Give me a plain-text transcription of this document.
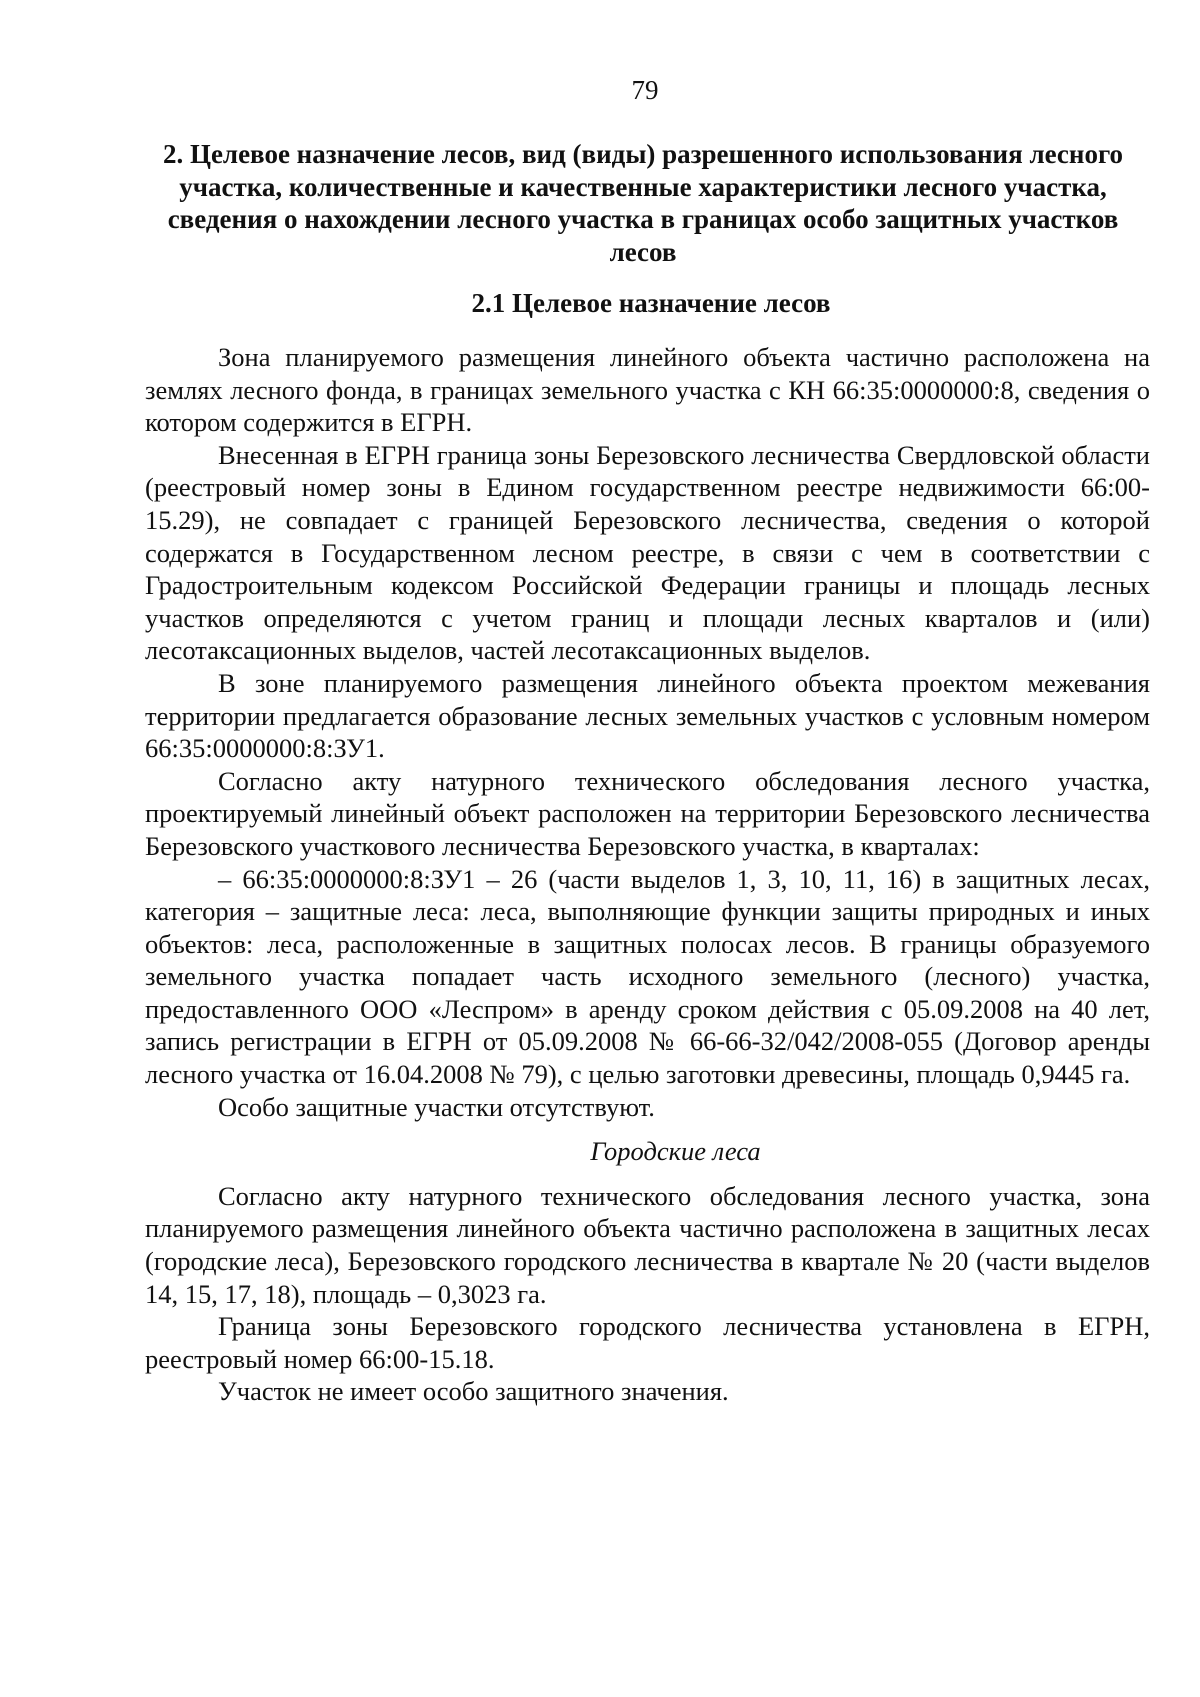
79
2. Целевое назначение лесов, вид (виды) разрешенного использования лесного участка, количественные и качественные характеристики лесного участка, сведения о нахождении лесного участка в границах особо защитных участков лесов
2.1 Целевое назначение лесов

Зона планируемого размещения линейного объекта частично расположена на землях лесного фонда, в границах земельного участка с КН 66:35:0000000:8, сведения о котором содержится в ЕГРН.

Внесенная в ЕГРН граница зоны Березовского лесничества Свердловской области (реестровый номер зоны в Едином государственном реестре недвижимости 66:00-15.29), не совпадает с границей Березовского лесничества, сведения о которой содержатся в Государственном лесном реестре, в связи с чем в соответствии с Градостроительным кодексом Российской Федерации границы и площадь лесных участков определяются с учетом границ и площади лесных кварталов и (или) лесотаксационных выделов, частей лесотаксационных выделов.

В зоне планируемого размещения линейного объекта проектом межевания территории предлагается образование лесных земельных участков с условным номером 66:35:0000000:8:ЗУ1.

Согласно акту натурного технического обследования лесного участка, проектируемый линейный объект расположен на территории Березовского лесничества Березовского участкового лесничества Березовского участка, в кварталах:

– 66:35:0000000:8:ЗУ1 – 26 (части выделов 1, 3, 10, 11, 16) в защитных лесах, категория – защитные леса: леса, выполняющие функции защиты природных и иных объектов: леса, расположенные в защитных полосах лесов. В границы образуемого земельного участка попадает часть исходного земельного (лесного) участка, предоставленного ООО «Леспром» в аренду сроком действия с 05.09.2008 на 40 лет, запись регистрации в ЕГРН от 05.09.2008 № 66-66-32/042/2008-055 (Договор аренды лесного участка от 16.04.2008 № 79), с целью заготовки древесины, площадь 0,9445 га.

Особо защитные участки отсутствуют.

Городские леса

Согласно акту натурного технического обследования лесного участка, зона планируемого размещения линейного объекта частично расположена в защитных лесах (городские леса), Березовского городского лесничества в квартале № 20 (части выделов 14, 15, 17, 18), площадь – 0,3023 га.

Граница зоны Березовского городского лесничества установлена в ЕГРН, реестровый номер 66:00-15.18.

Участок не имеет особо защитного значения.
